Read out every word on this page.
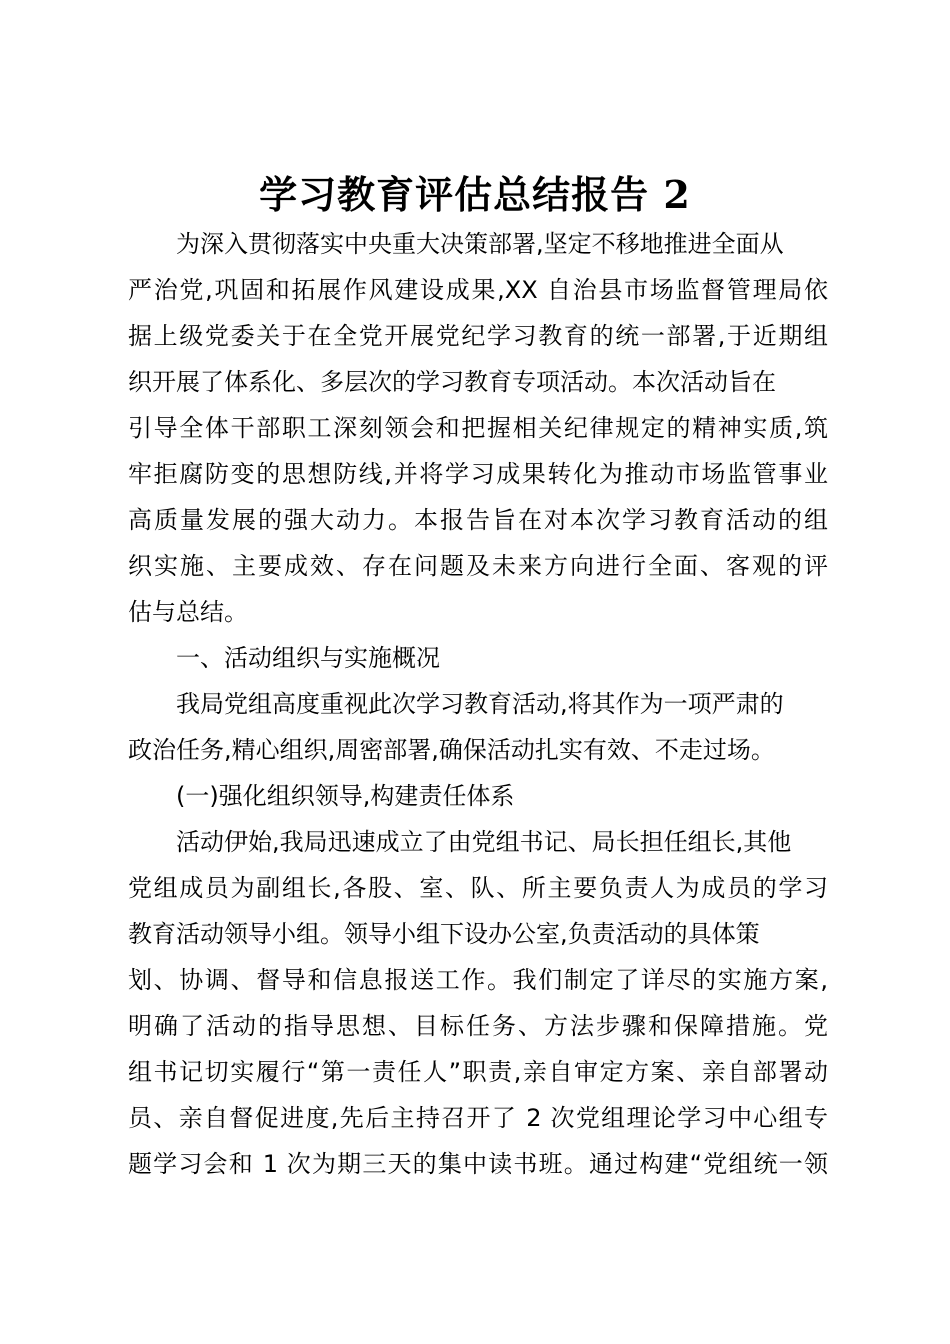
学习教育评估总结报告 2

为深入贯彻落实中央重大决策部署,坚定不移地推进全面从

严治党,巩固和拓展作风建设成果,XX 自治县市场监督管理局依

据上级党委关于在全党开展党纪学习教育的统一部署,于近期组

织开展了体系化、多层次的学习教育专项活动。本次活动旨在

引导全体干部职工深刻领会和把握相关纪律规定的精神实质,筑

牢拒腐防变的思想防线,并将学习成果转化为推动市场监管事业

高质量发展的强大动力。本报告旨在对本次学习教育活动的组

织实施、主要成效、存在问题及未来方向进行全面、客观的评

估与总结。

一、活动组织与实施概况

我局党组高度重视此次学习教育活动,将其作为一项严肃的

政治任务,精心组织,周密部署,确保活动扎实有效、不走过场。

(一)强化组织领导,构建责任体系

活动伊始,我局迅速成立了由党组书记、局长担任组长,其他

党组成员为副组长,各股、室、队、所主要负责人为成员的学习

教育活动领导小组。领导小组下设办公室,负责活动的具体策

划、协调、督导和信息报送工作。我们制定了详尽的实施方案,

明确了活动的指导思想、目标任务、方法步骤和保障措施。党

组书记切实履行“第一责任人”职责,亲自审定方案、亲自部署动

员、亲自督促进度,先后主持召开了 2 次党组理论学习中心组专

题学习会和 1 次为期三天的集中读书班。通过构建“党组统一领
